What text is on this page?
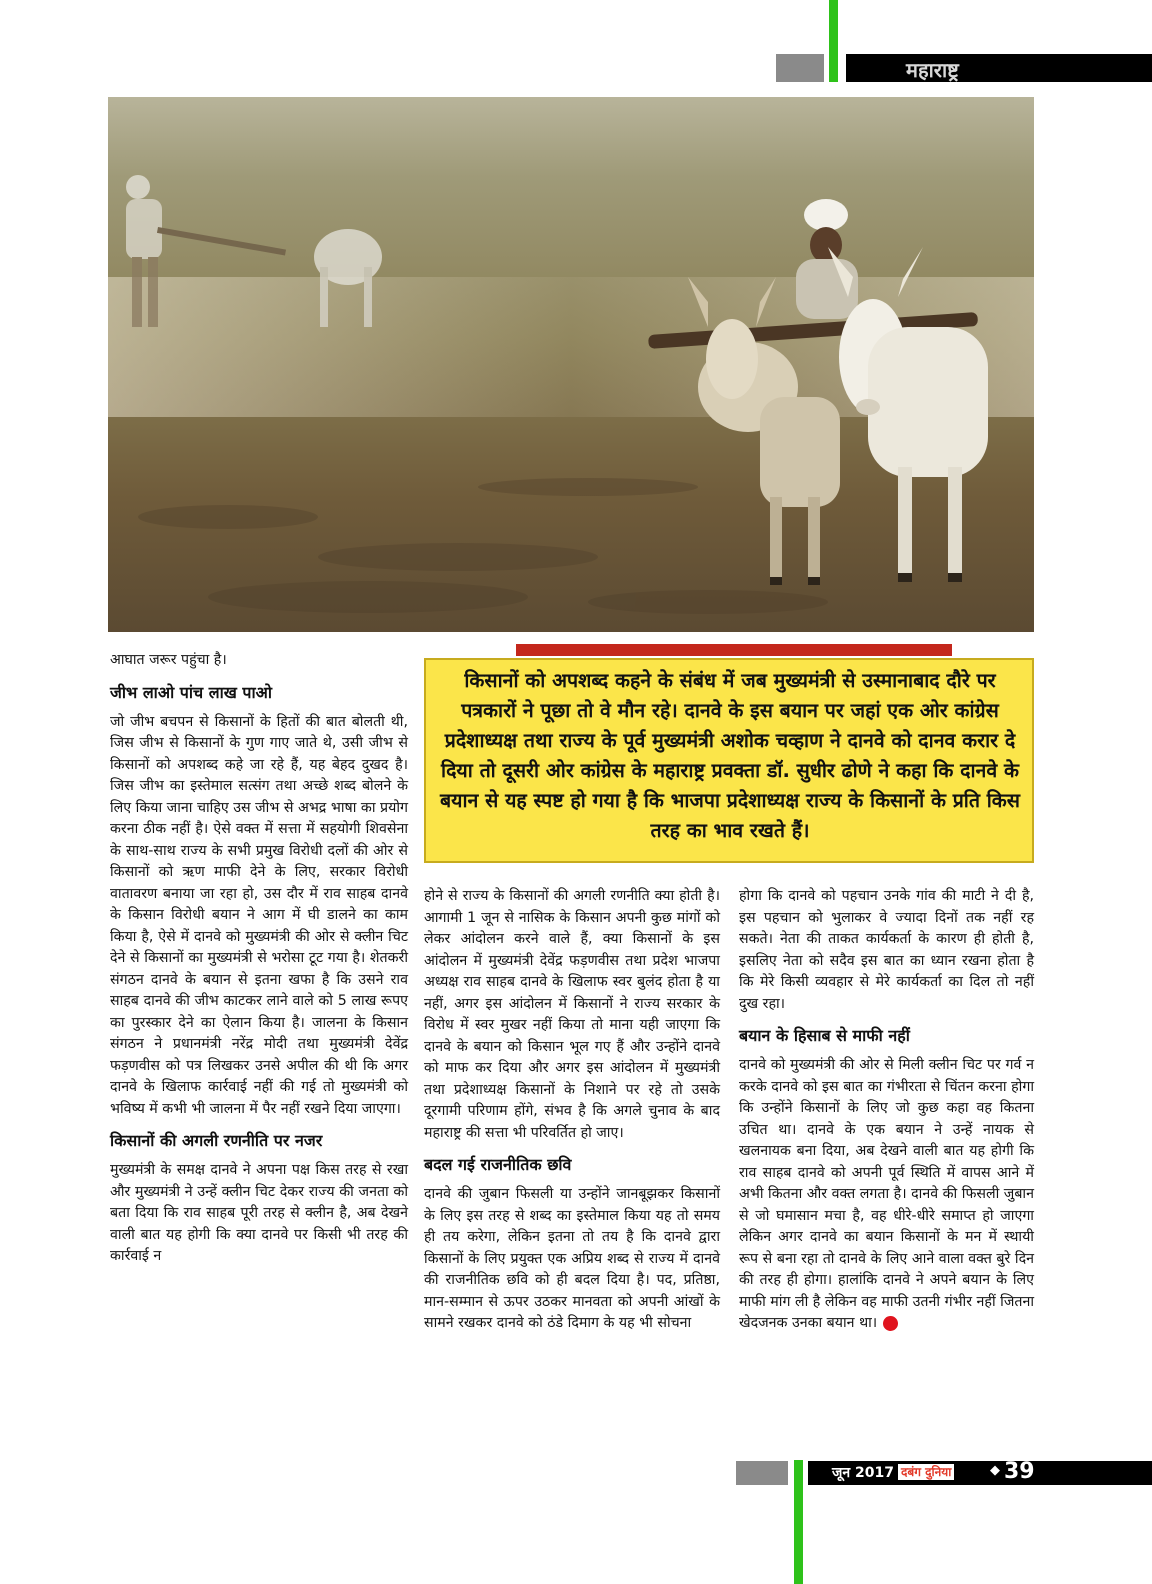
महाराष्ट्र

आघात जरूर पहुंचा है।

जीभ लाओ पांच लाख पाओ

जो जीभ बचपन से किसानों के हितों की बात बोलती थी, जिस जीभ से किसानों के गुण गाए जाते थे, उसी जीभ से किसानों को अपशब्द कहे जा रहे हैं, यह बेहद दुखद है। जिस जीभ का इस्तेमाल सत्संग तथा अच्छे शब्द बोलने के लिए किया जाना चाहिए उस जीभ से अभद्र भाषा का प्रयोग करना ठीक नहीं है। ऐसे वक्त में सत्ता में सहयोगी शिवसेना के साथ-साथ राज्य के सभी प्रमुख विरोधी दलों की ओर से किसानों को ऋण माफी देने के लिए, सरकार विरोधी वातावरण बनाया जा रहा हो, उस दौर में राव साहब दानवे के किसान विरोधी बयान ने आग में घी डालने का काम किया है, ऐसे में दानवे को मुख्यमंत्री की ओर से क्लीन चिट देने से किसानों का मुख्यमंत्री से भरोसा टूट गया है। शेतकरी संगठन दानवे के बयान से इतना खफा है कि उसने राव साहब दानवे की जीभ काटकर लाने वाले को 5 लाख रूपए का पुरस्कार देने का ऐलान किया है। जालना के किसान संगठन ने प्रधानमंत्री नरेंद्र मोदी तथा मुख्यमंत्री देवेंद्र फड़णवीस को पत्र लिखकर उनसे अपील की थी कि अगर दानवे के खिलाफ कार्रवाई नहीं की गई तो मुख्यमंत्री को भविष्य में कभी भी जालना में पैर नहीं रखने दिया जाएगा।

किसानों की अगली रणनीति पर नजर

मुख्यमंत्री के समक्ष दानवे ने अपना पक्ष किस तरह से रखा और मुख्यमंत्री ने उन्हें क्लीन चिट देकर राज्य की जनता को बता दिया कि राव साहब पूरी तरह से क्लीन है, अब देखने वाली बात यह होगी कि क्या दानवे पर किसी भी तरह की कार्रवाई न

किसानों को अपशब्द कहने के संबंध में जब मुख्यमंत्री से उस्मानाबाद दौरे पर पत्रकारों ने पूछा तो वे मौन रहे। दानवे के इस बयान पर जहां एक ओर कांग्रेस प्रदेशाध्यक्ष तथा राज्य के पूर्व मुख्यमंत्री अशोक चव्हाण ने दानवे को दानव करार दे दिया तो दूसरी ओर कांग्रेस के महाराष्ट्र प्रवक्ता डॉ. सुधीर ढोणे ने कहा कि दानवे के बयान से यह स्पष्ट हो गया है कि भाजपा प्रदेशाध्यक्ष राज्य के किसानों के प्रति किस तरह का भाव रखते हैं।

होने से राज्य के किसानों की अगली रणनीति क्या होती है। आगामी 1 जून से नासिक के किसान अपनी कुछ मांगों को लेकर आंदोलन करने वाले हैं, क्या किसानों के इस आंदोलन में मुख्यमंत्री देवेंद्र फड़णवीस तथा प्रदेश भाजपा अध्यक्ष राव साहब दानवे के खिलाफ स्वर बुलंद होता है या नहीं, अगर इस आंदोलन में किसानों ने राज्य सरकार के विरोध में स्वर मुखर नहीं किया तो माना यही जाएगा कि दानवे के बयान को किसान भूल गए हैं और उन्होंने दानवे को माफ कर दिया और अगर इस आंदोलन में मुख्यमंत्री तथा प्रदेशाध्यक्ष किसानों के निशाने पर रहे तो उसके दूरगामी परिणाम होंगे, संभव है कि अगले चुनाव के बाद महाराष्ट्र की सत्ता भी परिवर्तित हो जाए।

बदल गई राजनीतिक छवि

दानवे की जुबान फिसली या उन्होंने जानबूझकर किसानों के लिए इस तरह से शब्द का इस्तेमाल किया यह तो समय ही तय करेगा, लेकिन इतना तो तय है कि दानवे द्वारा किसानों के लिए प्रयुक्त एक अप्रिय शब्द से राज्य में दानवे की राजनीतिक छवि को ही बदल दिया है। पद, प्रतिष्ठा, मान-सम्मान से ऊपर उठकर मानवता को अपनी आंखों के सामने रखकर दानवे को ठंडे दिमाग के यह भी सोचना

होगा कि दानवे को पहचान उनके गांव की माटी ने दी है, इस पहचान को भुलाकर वे ज्यादा दिनों तक नहीं रह सकते। नेता की ताकत कार्यकर्ता के कारण ही होती है, इसलिए नेता को सदैव इस बात का ध्यान रखना होता है कि मेरे किसी व्यवहार से मेरे कार्यकर्ता का दिल तो नहीं दुख रहा।

बयान के हिसाब से माफी नहीं

दानवे को मुख्यमंत्री की ओर से मिली क्लीन चिट पर गर्व न करके दानवे को इस बात का गंभीरता से चिंतन करना होगा कि उन्होंने किसानों के लिए जो कुछ कहा वह कितना उचित था। दानवे के एक बयान ने उन्हें नायक से खलनायक बना दिया, अब देखने वाली बात यह होगी कि राव साहब दानवे को अपनी पूर्व स्थिति में वापस आने में अभी कितना और वक्त लगता है। दानवे की फिसली जुबान से जो घमासान मचा है, वह धीरे-धीरे समाप्त हो जाएगा लेकिन अगर दानवे का बयान किसानों के मन में स्थायी रूप से बना रहा तो दानवे के लिए आने वाला वक्त बुरे दिन की तरह ही होगा। हालांकि दानवे ने अपने बयान के लिए माफी मांग ली है लेकिन वह माफी उतनी गंभीर नहीं जितना खेदजनक उनका बयान था।

जून 2017 दबंग दुनिया	◆ 39
